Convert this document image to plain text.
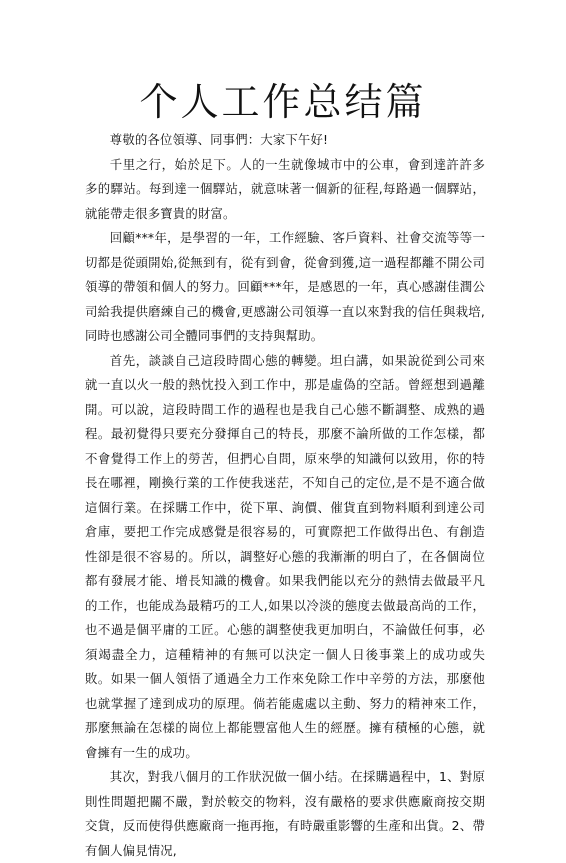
个人工作总结篇

尊敬的各位領導、同事們：大家下午好!

千里之行，始於足下。人的一生就像城市中的公車，會到達許許多多的驛站。每到達一個驛站，就意味著一個新的征程,每路過一個驛站，就能帶走很多寶貴的財富。

回顧***年，是學習的一年，工作經驗、客戶資料、社會交流等等一切都是從頭開始,從無到有，從有到會，從會到獲,這一過程都離不開公司領導的帶領和個人的努力。回顧***年，是感恩的一年，真心感謝佳潤公司給我提供磨練自己的機會,更感謝公司領導一直以來對我的信任與栽培,同時也感謝公司全體同事們的支持與幫助。

首先，談談自己這段時間心態的轉變。坦白講，如果說從到公司來就一直以火一般的熱忱投入到工作中，那是虛偽的空話。曾經想到過離開。可以說，這段時間工作的過程也是我自己心態不斷調整、成熟的過程。最初覺得只要充分發揮自己的特長，那麼不論所做的工作怎樣，都不會覺得工作上的勞苦，但捫心自問，原來學的知識何以致用，你的特長在哪裡，剛換行業的工作使我迷茫，不知自己的定位,是不是不適合做這個行業。在採購工作中，從下單、詢價、催貨直到物料順利到達公司倉庫，要把工作完成感覺是很容易的，可實際把工作做得出色、有創造性卻是很不容易的。所以，調整好心態的我漸漸的明白了，在各個崗位都有發展才能、增長知識的機會。如果我們能以充分的熱情去做最平凡的工作，也能成為最精巧的工人,如果以冷淡的態度去做最高尚的工作，也不過是個平庸的工匠。心態的調整使我更加明白，不論做任何事，必須竭盡全力，這種精神的有無可以決定一個人日後事業上的成功或失敗。如果一個人領悟了通過全力工作來免除工作中辛勞的方法，那麼他也就掌握了達到成功的原理。倘若能處處以主動、努力的精神來工作，那麼無論在怎樣的崗位上都能豐富他人生的經歷。擁有積極的心態，就會擁有一生的成功。

其次，對我八個月的工作狀況做一個小结。在採購過程中，1、對原則性問題把關不嚴，對於較交的物料，沒有嚴格的要求供應廠商按交期交貨，反而使得供應廠商一拖再拖，有時嚴重影響的生產和出貨。2、帶有個人偏見情况,
